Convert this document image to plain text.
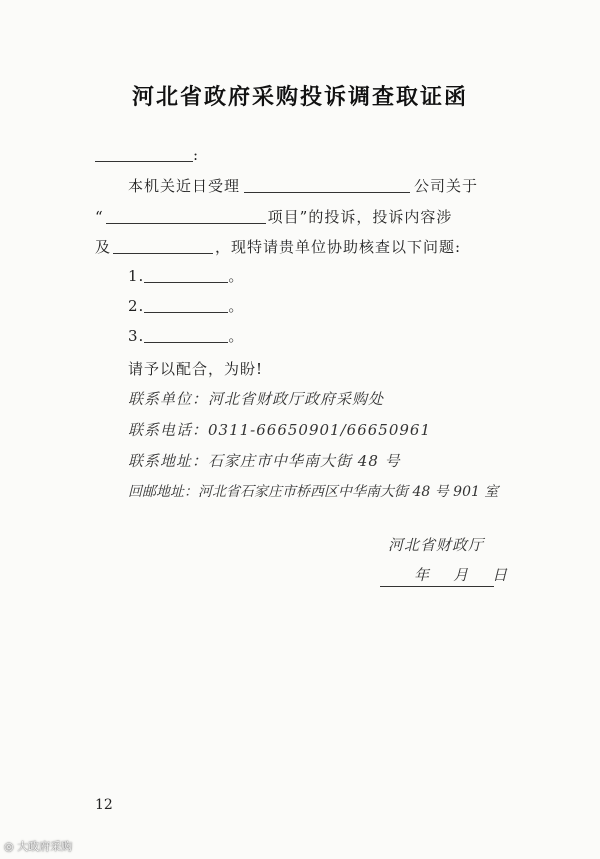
河北省政府采购投诉调查取证函
:
本机关近日受理	公司关于
“	项目”的投诉，投诉内容涉
及	，现特请贵单位协助核查以下问题:
1.	。
2.	。
3.	。
请予以配合，为盼!
联系单位：河北省财政厅政府采购处
联系电话：0311-66650901/66650961
联系地址：石家庄市中华南大街 48 号
回邮地址：河北省石家庄市桥西区中华南大街 48 号 901 室
河北省财政厅
年    月    日
12
◎ 大政府采购
